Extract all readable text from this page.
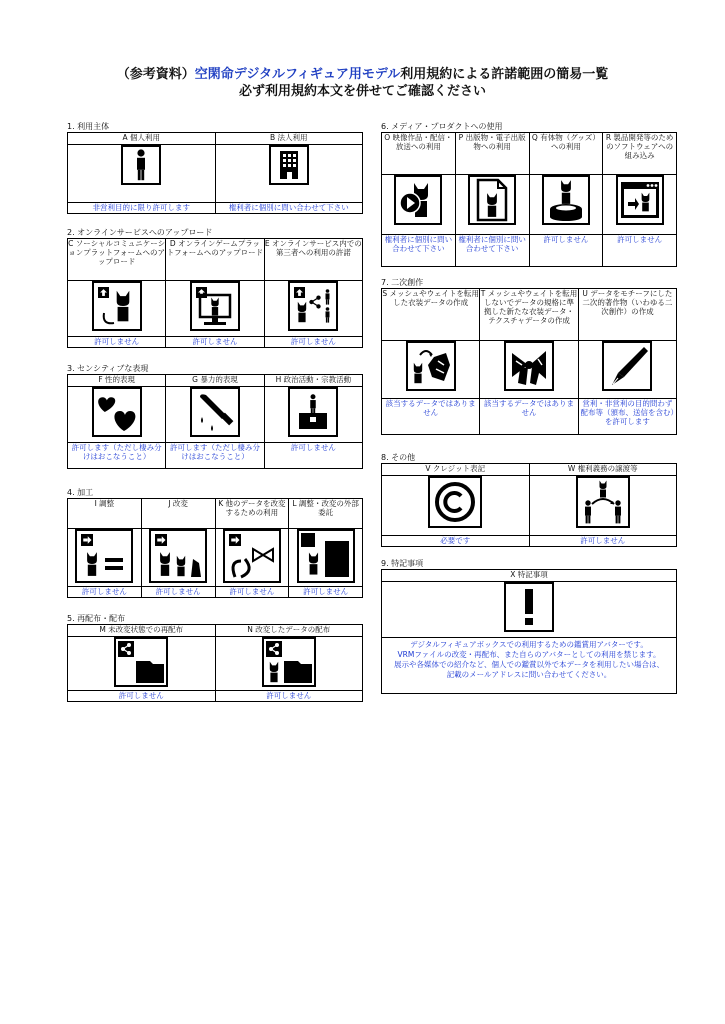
（参考資料）空閑命デジタルフィギュア用モデル利用規約による許諾範囲の簡易一覧
必ず利用規約本文を併せてご確認ください
1. 利用主体
A 個人利用	B 法人利用

非営利目的に限り許可します	権利者に個別に問い合わせて下さい
2. オンラインサービスへのアップロード
C ソーシャルコミュニケーションプラットフォームへのアップロード	D オンラインゲームプラットフォームへのアップロード	E オンラインサービス内での第三者への利用の許諾

許可しません	許可しません	許可しません
3. センシティブな表現
F 性的表現	G 暴力的表現	H 政治活動・宗教活動

許可します（ただし棲み分けはおこなうこと）	許可します（ただし棲み分けはおこなうこと）	許可しません
4. 加工
I 調整	J 改変	K 他のデータを改変するための利用	L 調整・改変の外部委託

許可しません	許可しません	許可しません	許可しません
5. 再配布・配布
M 未改変状態での再配布	N 改変したデータの配布

許可しません	許可しません
6. メディア・プロダクトへの使用
O 映像作品・配信・放送への利用	P 出版物・電子出版物への利用	Q 有体物（グッズ）への利用	R 製品開発等のためのソフトウェアへの組み込み

権利者に個別に問い合わせて下さい	権利者に個別に問い合わせて下さい	許可しません	許可しません
7. 二次創作
S メッシュやウェイトを転用した衣装データの作成	T メッシュやウェイトを転用しないでデータの規格に準拠した新たな衣装データ・テクスチャデータの作成	U データをモチーフにした二次的著作物（いわゆる二次創作）の作成

該当するデータではありません	該当するデータではありません	営利・非営利の目的問わず配布等（頒布、送信を含む）を許可します
8. その他
V クレジット表記	W 権利義務の譲渡等

必要です	許可しません
9. 特記事項
X 特記事項

デジタルフィギュアボックスでの利用するための鑑賞用アバターです。
VRMファイルの改変・再配布、また自らのアバターとしての利用を禁じます。
展示や各媒体での紹介など、個人での鑑賞以外で本データを利用したい場合は、
記載のメールアドレスに問い合わせてください。
